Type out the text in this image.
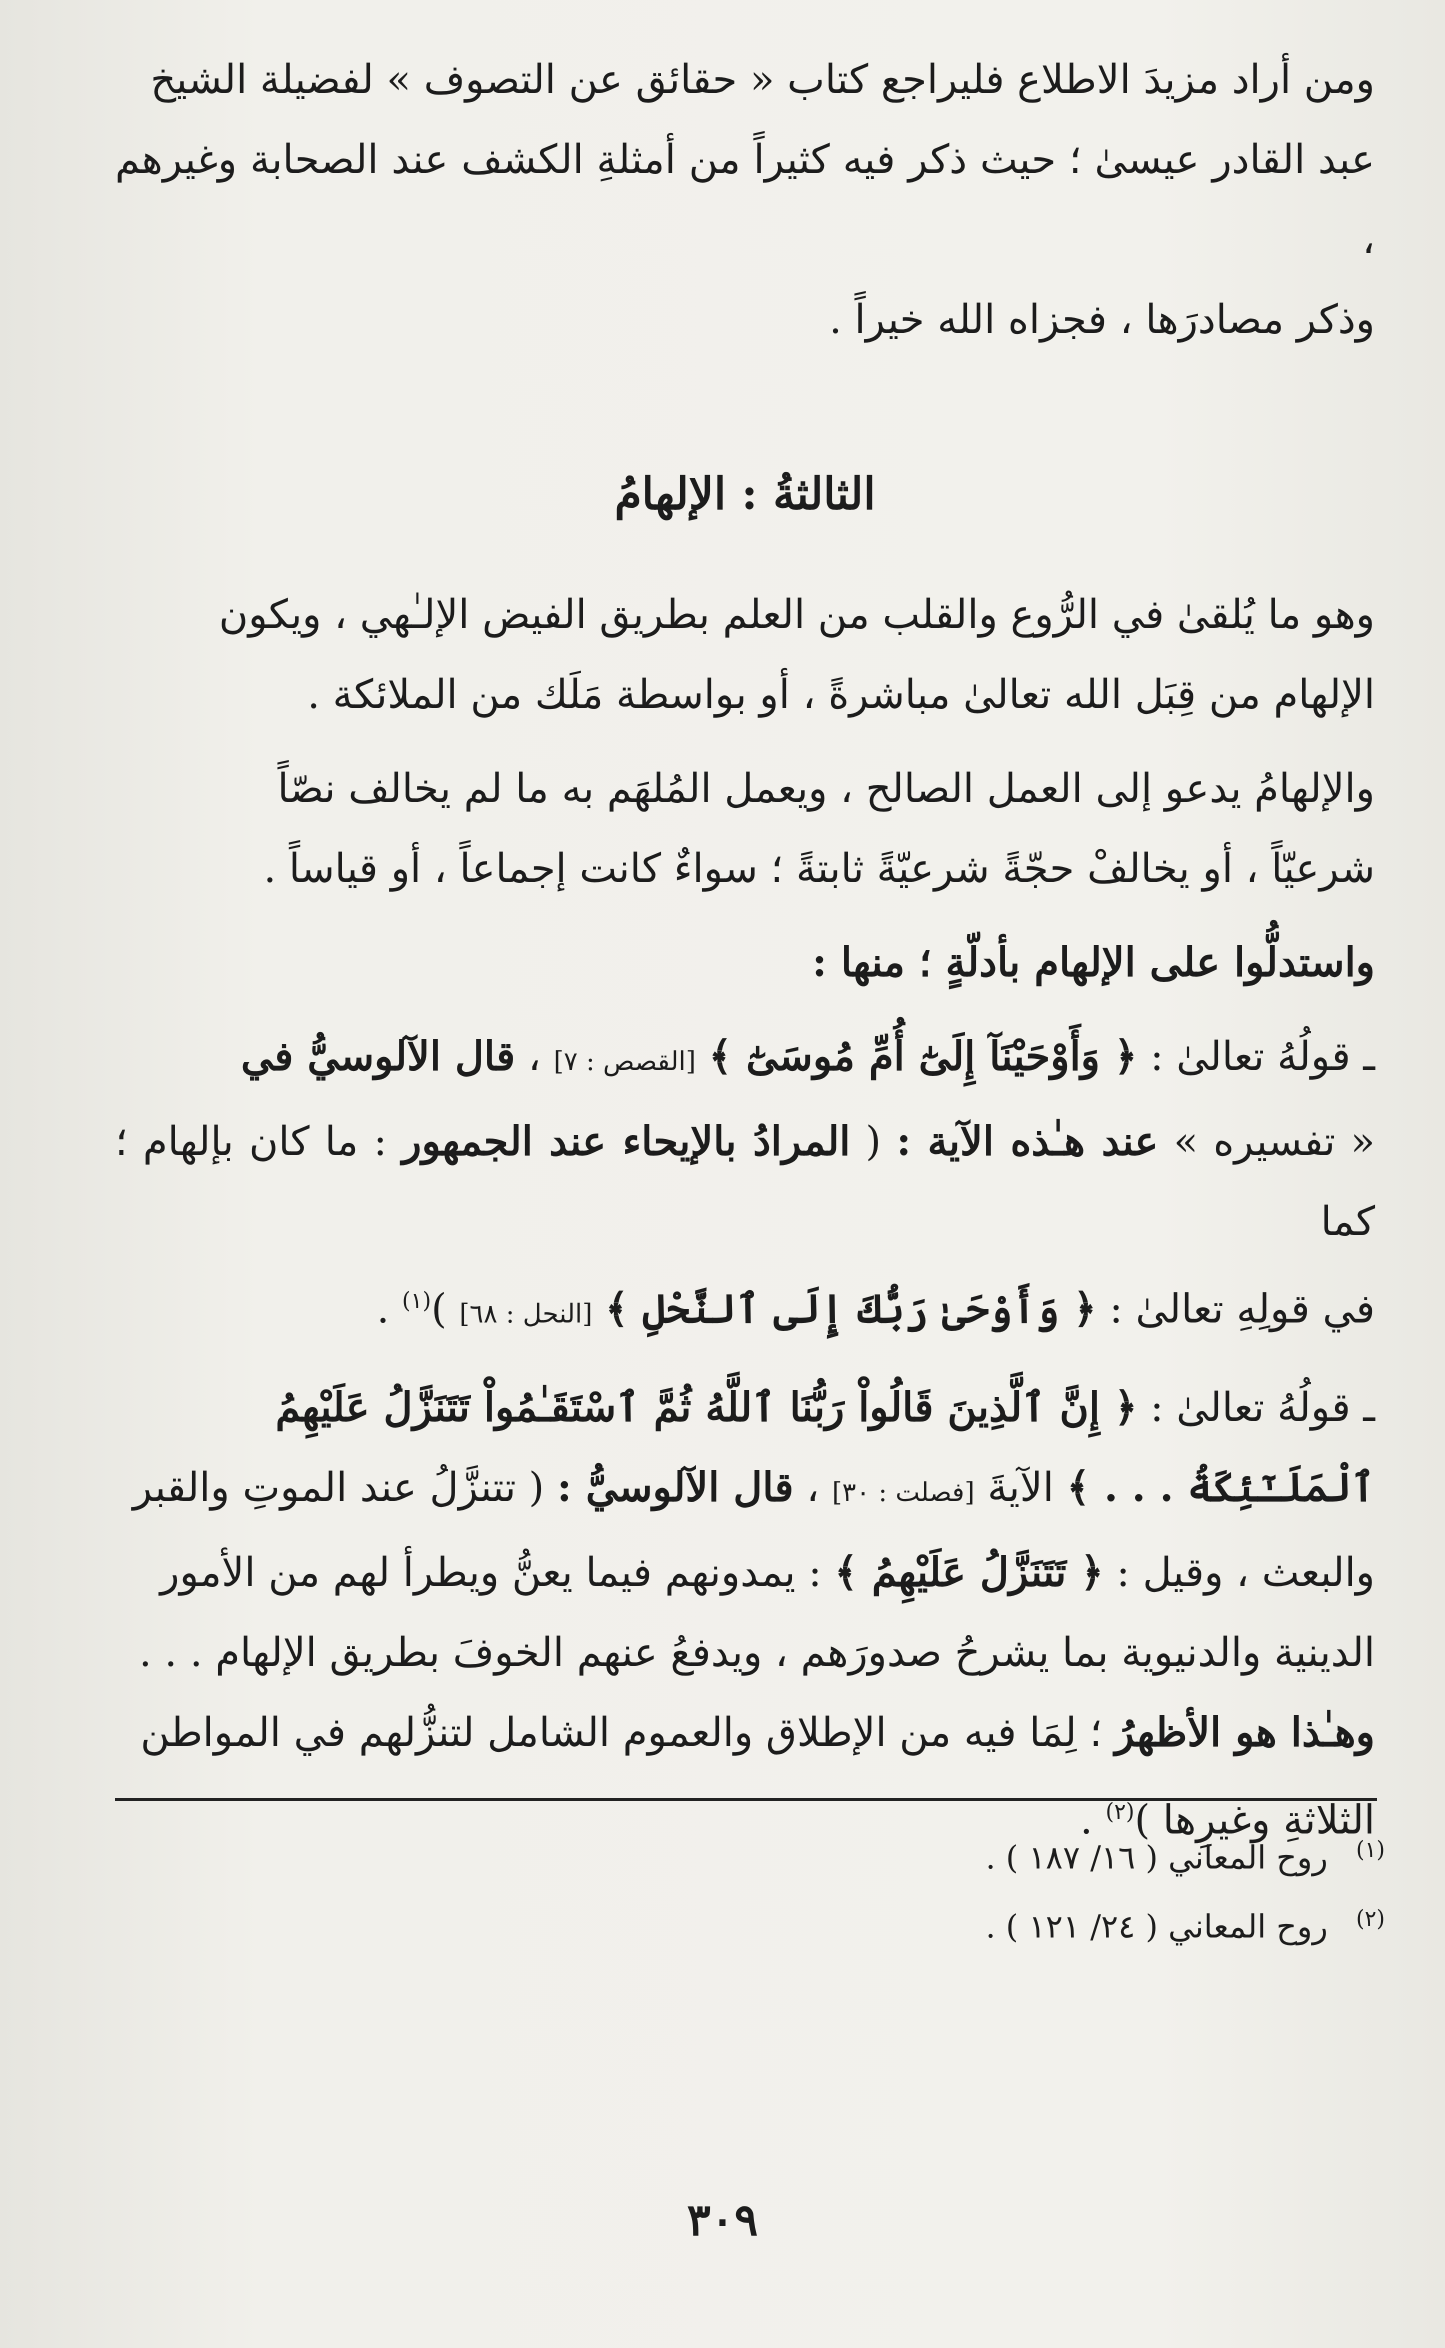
ومن أراد مزيدَ الاطلاع فليراجع كتاب « حقائق عن التصوف » لفضيلة الشيخ
عبد القادر عيسىٰ ؛ حيث ذكر فيه كثيراً من أمثلةِ الكشف عند الصحابة وغيرهم ،
وذكر مصادرَها ، فجزاه الله خيراً .
الثالثةُ : الإلهامُ
وهو ما يُلقىٰ في الرُّوع والقلب من العلم بطريق الفيض الإلـٰهي ، ويكون
الإلهام من قِبَل الله تعالىٰ مباشرةً ، أو بواسطة مَلَك من الملائكة .
والإلهامُ يدعو إلى العمل الصالح ، ويعمل المُلهَم به ما لم يخالف نصّاً
شرعيّاً ، أو يخالفْ حجّةً شرعيّةً ثابتةً ؛ سواءٌ كانت إجماعاً ، أو قياساً .
واستدلُّوا على الإلهام بأدلّةٍ ؛ منها :
ـ قولُهُ تعالىٰ : ﴿ وَأَوْحَيْنَآ إِلَىٰٓ أُمِّ مُوسَىٰٓ ﴾ [القصص : ٧] ، قال الآلوسيُّ في
« تفسيره » عند هـٰذه الآية : ( المرادُ بالإيحاء عند الجمهور : ما كان بإلهام ؛ كما
في قولِهِ تعالىٰ : ﴿ وَأَوْحَىٰ رَبُّكَ إِلَى ٱلنَّحْلِ ﴾ [النحل : ٦٨] )$^{(١)}$ .
ـ قولُهُ تعالىٰ : ﴿ إِنَّ ٱلَّذِينَ قَالُواْ رَبُّنَا ٱللَّهُ ثُمَّ ٱسْتَقَـٰمُواْ تَتَنَزَّلُ عَلَيْهِمُ
ٱلْمَلَـٰٓئِكَةُ . . . ﴾ الآيةَ [فصلت : ٣٠] ، قال الآلوسيُّ : ( تتنزَّلُ عند الموتِ والقبر
والبعث ، وقيل : ﴿ تَتَنَزَّلُ عَلَيْهِمُ ﴾ : يمدونهم فيما يعنُّ ويطرأ لهم من الأمور
الدينية والدنيوية بما يشرحُ صدورَهم ، ويدفعُ عنهم الخوفَ بطريق الإلهام . . .
وهـٰذا هو الأظهرُ ؛ لِمَا فيه من الإطلاق والعموم الشامل لتنزُّلهم في المواطن
الثلاثةِ وغيرِها )$^{(٢)}$ .
$^{(١)}$ روح المعاني ( ١٦/ ١٨٧ ) .
$^{(٢)}$ روح المعاني ( ٢٤/ ١٢١ ) .
٣٠٩
